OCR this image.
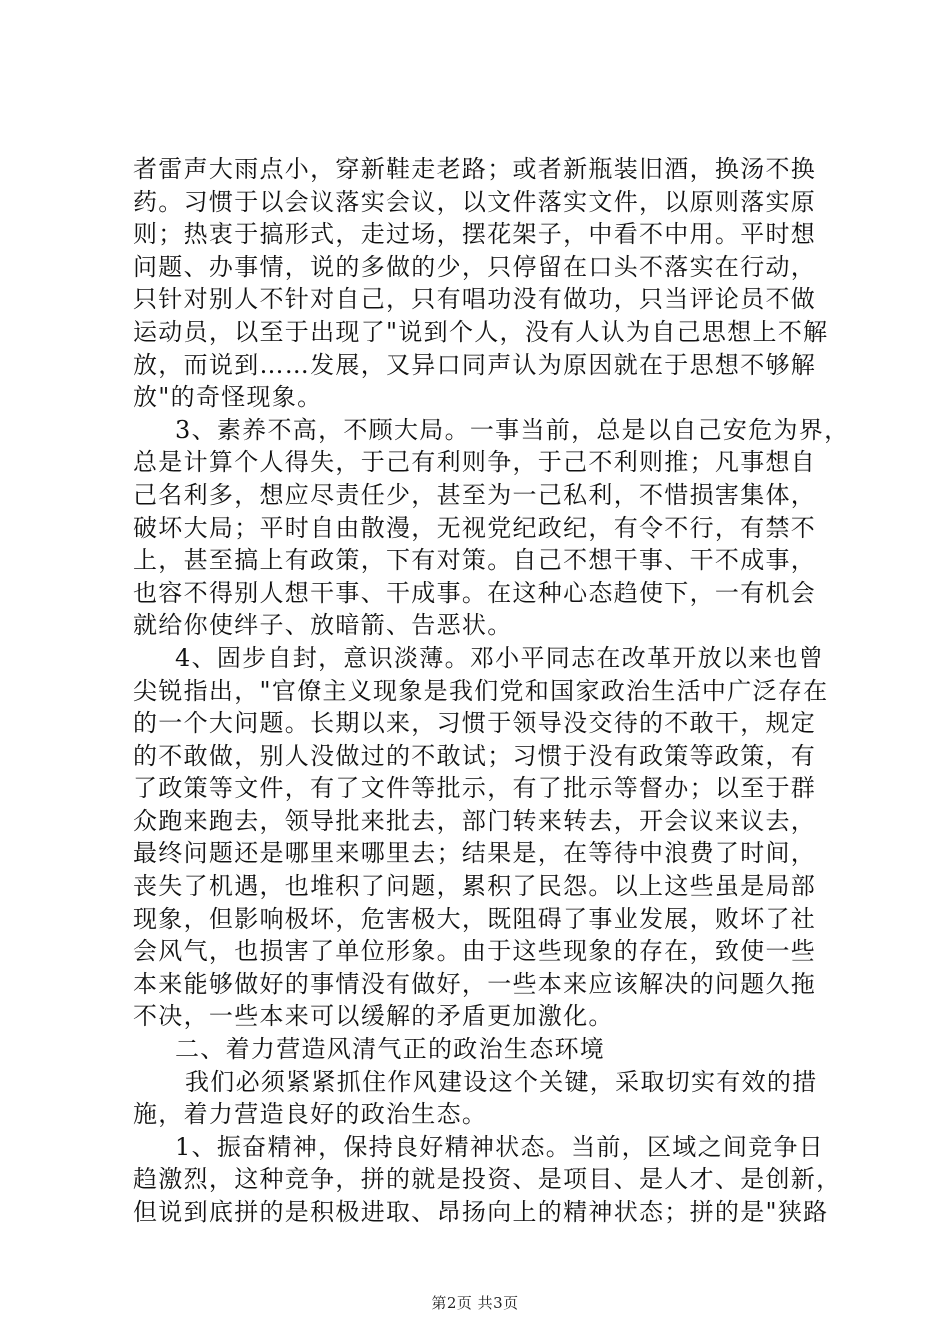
者雷声大雨点小，穿新鞋走老路；或者新瓶装旧酒，换汤不换
药。习惯于以会议落实会议，以文件落实文件，以原则落实原
则；热衷于搞形式，走过场，摆花架子，中看不中用。平时想
问题、办事情，说的多做的少，只停留在口头不落实在行动，
只针对别人不针对自己，只有唱功没有做功，只当评论员不做
运动员，以至于出现了"说到个人，没有人认为自己思想上不解
放，而说到……发展，又异口同声认为原因就在于思想不够解
放"的奇怪现象。
3、素养不高，不顾大局。一事当前，总是以自己安危为界，
总是计算个人得失，于己有利则争，于己不利则推；凡事想自
己名利多，想应尽责任少，甚至为一己私利，不惜损害集体，
破坏大局；平时自由散漫，无视党纪政纪，有令不行，有禁不
上，甚至搞上有政策，下有对策。自己不想干事、干不成事，
也容不得别人想干事、干成事。在这种心态趋使下，一有机会
就给你使绊子、放暗箭、告恶状。
4、固步自封，意识淡薄。邓小平同志在改革开放以来也曾
尖锐指出，"官僚主义现象是我们党和国家政治生活中广泛存在
的一个大问题。长期以来，习惯于领导没交待的不敢干，规定
的不敢做，别人没做过的不敢试；习惯于没有政策等政策，有
了政策等文件，有了文件等批示，有了批示等督办；以至于群
众跑来跑去，领导批来批去，部门转来转去，开会议来议去，
最终问题还是哪里来哪里去；结果是，在等待中浪费了时间，
丧失了机遇，也堆积了问题，累积了民怨。以上这些虽是局部
现象，但影响极坏，危害极大，既阻碍了事业发展，败坏了社
会风气，也损害了单位形象。由于这些现象的存在，致使一些
本来能够做好的事情没有做好，一些本来应该解决的问题久拖
不决，一些本来可以缓解的矛盾更加激化。
二、着力营造风清气正的政治生态环境
我们必须紧紧抓住作风建设这个关键，采取切实有效的措
施，着力营造良好的政治生态。
1、振奋精神，保持良好精神状态。当前，区域之间竞争日
趋激烈，这种竞争，拼的就是投资、是项目、是人才、是创新，
但说到底拼的是积极进取、昂扬向上的精神状态；拼的是"狭路
第2页 共3页
